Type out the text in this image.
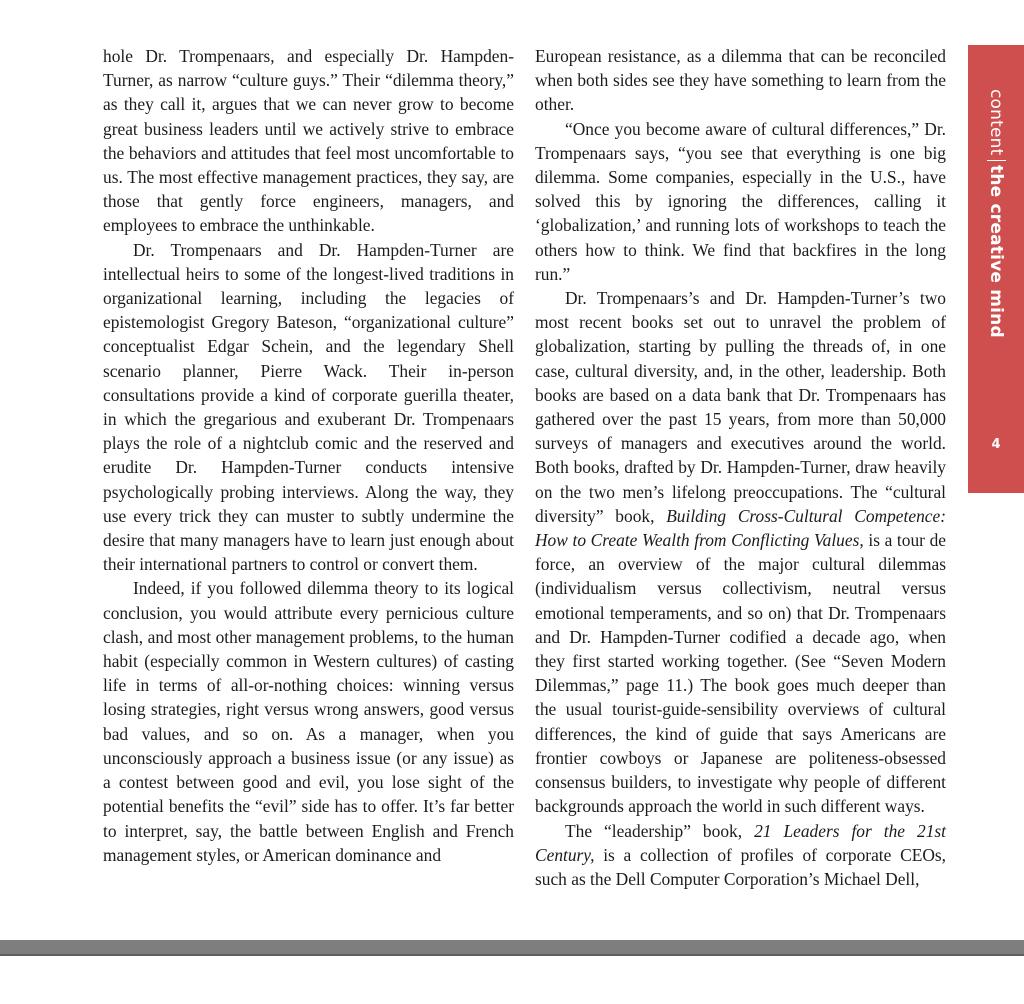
hole Dr. Trompenaars, and especially Dr. Hampden-Turner, as narrow “culture guys.” Their “dilemma theory,” as they call it, argues that we can never grow to become great business leaders until we actively strive to embrace the behaviors and attitudes that feel most uncomfortable to us. The most effective management practices, they say, are those that gently force engineers, managers, and employees to embrace the unthinkable.

Dr. Trompenaars and Dr. Hampden-Turner are intellectual heirs to some of the longest-lived traditions in organizational learning, including the legacies of epistemologist Gregory Bateson, “organizational culture” conceptualist Edgar Schein, and the legendary Shell scenario planner, Pierre Wack. Their in-person consultations provide a kind of corporate guerilla theater, in which the gregarious and exuberant Dr. Trompenaars plays the role of a nightclub comic and the reserved and erudite Dr. Hampden-Turner conducts intensive psychologically probing interviews. Along the way, they use every trick they can muster to subtly undermine the desire that many managers have to learn just enough about their international partners to control or convert them.

Indeed, if you followed dilemma theory to its logical conclusion, you would attribute every pernicious culture clash, and most other management problems, to the human habit (especially common in Western cultures) of casting life in terms of all-or-nothing choices: winning versus losing strategies, right versus wrong answers, good versus bad values, and so on. As a manager, when you unconsciously approach a business issue (or any issue) as a contest between good and evil, you lose sight of the potential benefits the “evil” side has to offer. It’s far better to interpret, say, the battle between English and French management styles, or American dominance and

European resistance, as a dilemma that can be reconciled when both sides see they have something to learn from the other.

“Once you become aware of cultural differences,” Dr. Trompenaars says, “you see that everything is one big dilemma. Some companies, especially in the U.S., have solved this by ignoring the differences, calling it ‘globalization,’ and running lots of workshops to teach the others how to think. We find that backfires in the long run.”

Dr. Trompenaars’s and Dr. Hampden-Turner’s two most recent books set out to unravel the problem of globalization, starting by pulling the threads of, in one case, cultural diversity, and, in the other, leadership. Both books are based on a data bank that Dr. Trompenaars has gathered over the past 15 years, from more than 50,000 surveys of managers and executives around the world. Both books, drafted by Dr. Hampden-Turner, draw heavily on the two men’s lifelong preoccupations. The “cultural diversity” book, Building Cross-Cultural Competence: How to Create Wealth from Conflicting Values, is a tour de force, an overview of the major cultural dilemmas (individualism versus collectivism, neutral versus emotional temperaments, and so on) that Dr. Trompenaars and Dr. Hampden-Turner codified a decade ago, when they first started working together. (See “Seven Modern Dilemmas,” page 11.) The book goes much deeper than the usual tourist-guide-sensibility overviews of cultural differences, the kind of guide that says Americans are frontier cowboys or Japanese are politeness-obsessed consensus builders, to investigate why people of different backgrounds approach the world in such different ways.

The “leadership” book, 21 Leaders for the 21st Century, is a collection of profiles of corporate CEOs, such as the Dell Computer Corporation’s Michael Dell,

contentthe creative mind
4
